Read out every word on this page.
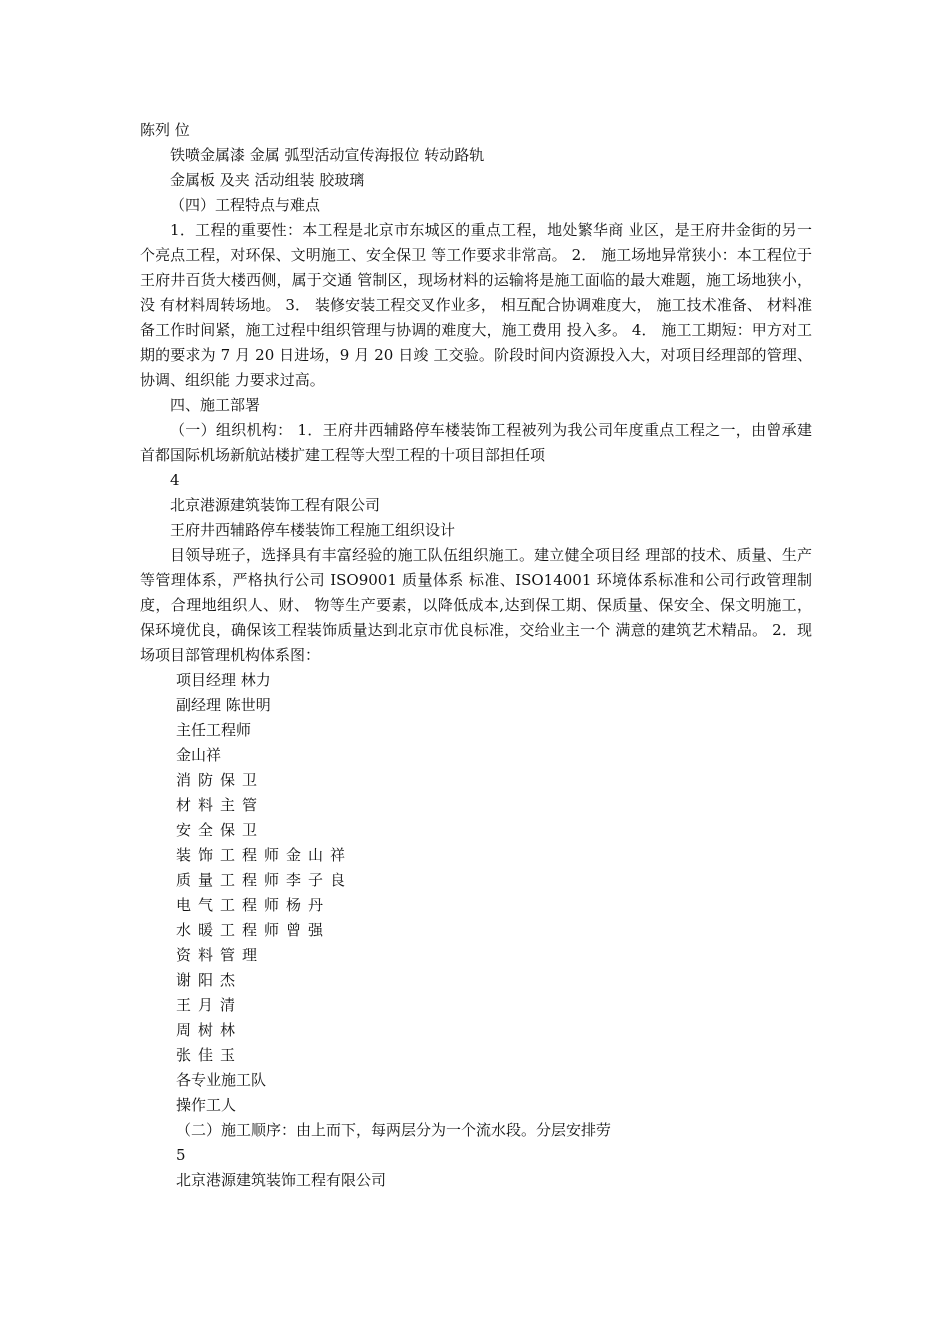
陈列 位

铁喷金属漆 金属 弧型活动宣传海报位 转动路轨

金属板 及夹 活动组装 胶玻璃

（四）工程特点与难点

1．工程的重要性：本工程是北京市东城区的重点工程，地处繁华商 业区，是王府井金街的另一个亮点工程，对环保、文明施工、安全保卫 等工作要求非常高。 2． 施工场地异常狭小：本工程位于王府井百货大楼西侧，属于交通 管制区，现场材料的运输将是施工面临的最大难题，施工场地狭小，没 有材料周转场地。 3． 装修安装工程交叉作业多， 相互配合协调难度大， 施工技术准备、 材料准备工作时间紧，施工过程中组织管理与协调的难度大，施工费用 投入多。 4． 施工工期短：甲方对工期的要求为 7 月 20 日进场，9 月 20 日竣 工交验。阶段时间内资源投入大，对项目经理部的管理、协调、组织能 力要求过高。

四、施工部署

（一）组织机构： 1．王府井西辅路停车楼装饰工程被列为我公司年度重点工程之一，由曾承建首都国际机场新航站楼扩建工程等大型工程的十项目部担任项

4

北京港源建筑装饰工程有限公司

王府井西辅路停车楼装饰工程施工组织设计

目领导班子，选择具有丰富经验的施工队伍组织施工。建立健全项目经 理部的技术、质量、生产等管理体系，严格执行公司 ISO9001 质量体系 标准、ISO14001 环境体系标准和公司行政管理制度，合理地组织人、财、 物等生产要素，以降低成本,达到保工期、保质量、保安全、保文明施工， 保环境优良，确保该工程装饰质量达到北京市优良标准，交给业主一个 满意的建筑艺术精品。 2．现场项目部管理机构体系图：

项目经理 林力

副经理 陈世明

主任工程师

金山祥

消防保卫

材料主管

安全保卫

装饰工程师金山祥

质量工程师李子良

电气工程师杨丹

水暖工程师曾强

资料管理

谢阳杰

王月清

周树林

张佳玉

各专业施工队

操作工人

（二）施工顺序：由上而下，每两层分为一个流水段。分层安排劳

5

北京港源建筑装饰工程有限公司
